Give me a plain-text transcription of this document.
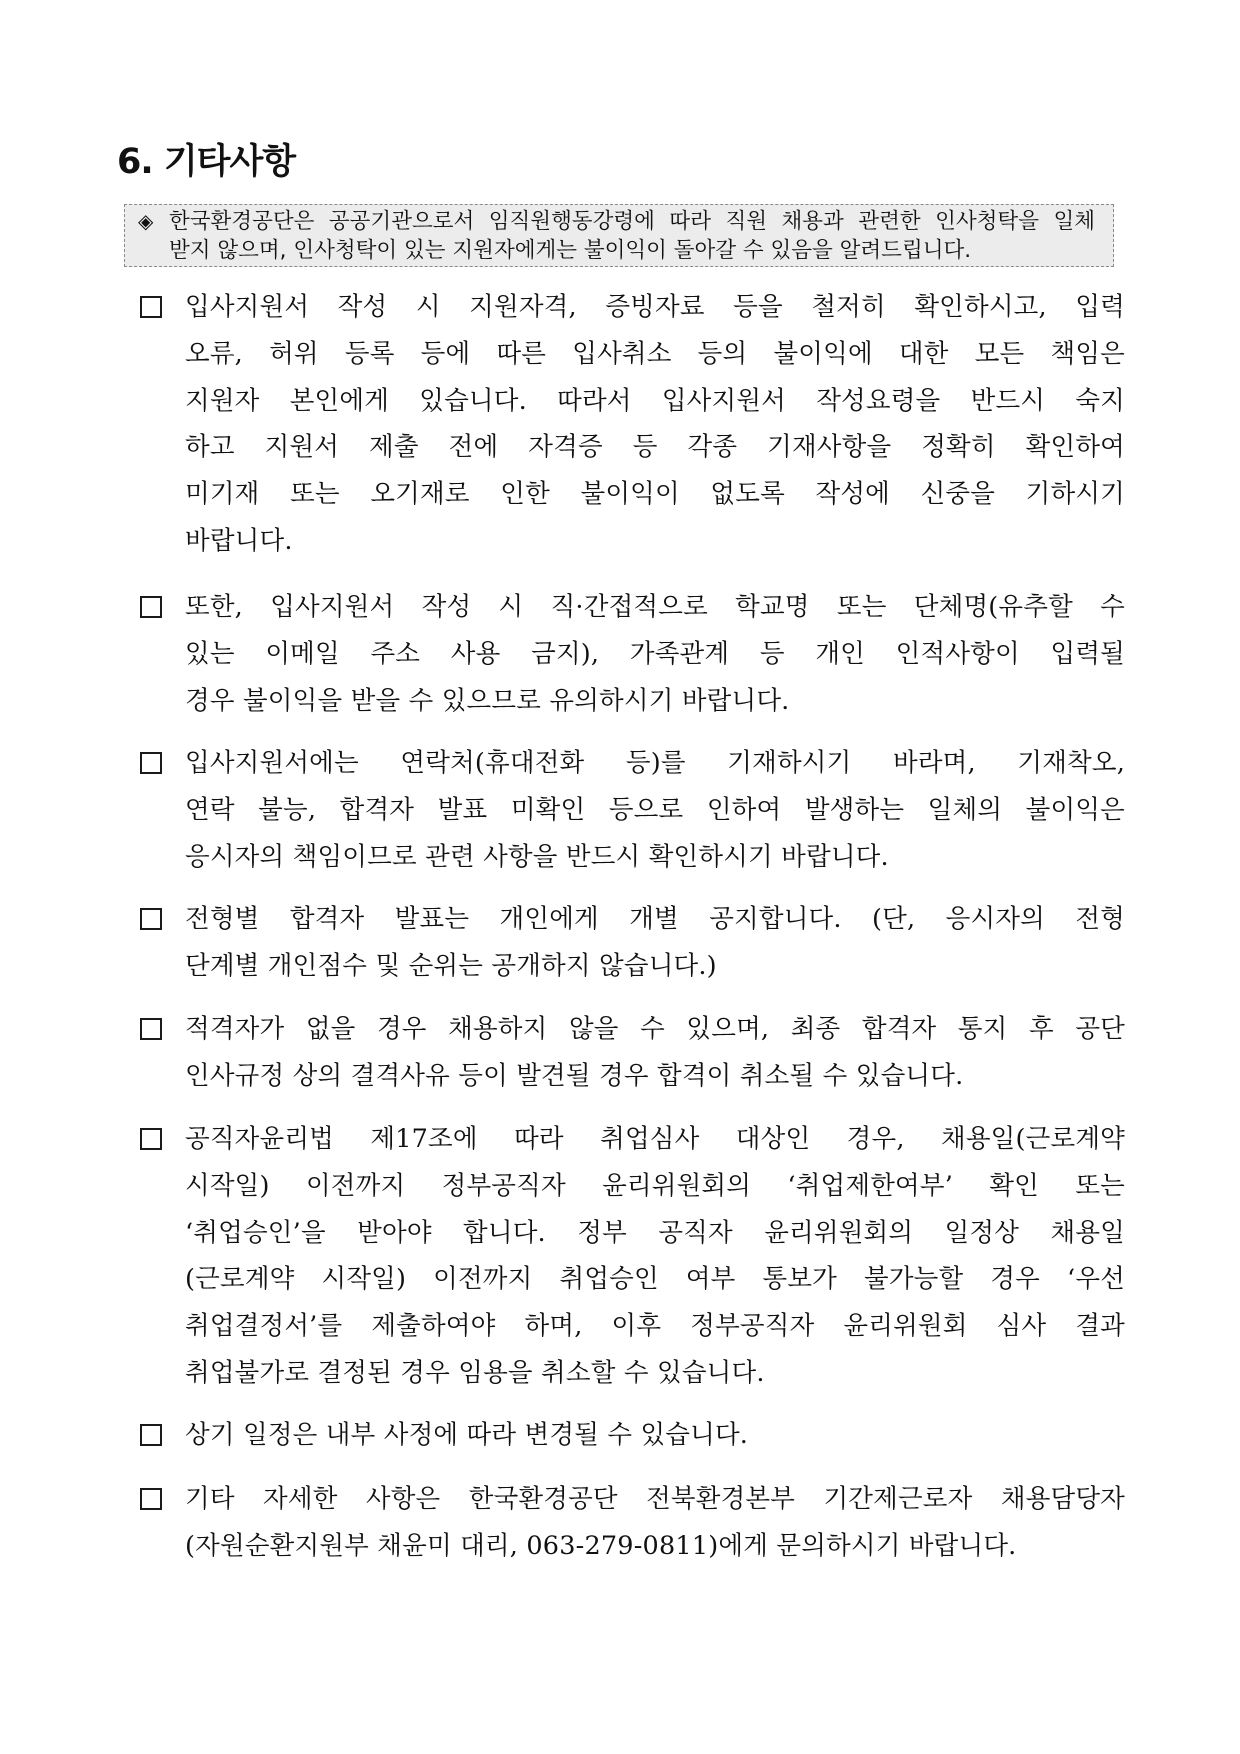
6. 기타사항
◈ 한국환경공단은 공공기관으로서 임직원행동강령에 따라 직원 채용과 관련한 인사청탁을 일체
받지 않으며, 인사청탁이 있는 지원자에게는 불이익이 돌아갈 수 있음을 알려드립니다.
입사지원서 작성 시 지원자격, 증빙자료 등을 철저히 확인하시고, 입력
오류, 허위 등록 등에 따른 입사취소 등의 불이익에 대한 모든 책임은
지원자 본인에게 있습니다. 따라서 입사지원서 작성요령을 반드시 숙지
하고 지원서 제출 전에 자격증 등 각종 기재사항을 정확히 확인하여
미기재 또는 오기재로 인한 불이익이 없도록 작성에 신중을 기하시기
바랍니다.
또한, 입사지원서 작성 시 직·간접적으로 학교명 또는 단체명(유추할 수
있는 이메일 주소 사용 금지), 가족관계 등 개인 인적사항이 입력될
경우 불이익을 받을 수 있으므로 유의하시기 바랍니다.
입사지원서에는 연락처(휴대전화 등)를 기재하시기 바라며, 기재착오,
연락 불능, 합격자 발표 미확인 등으로 인하여 발생하는 일체의 불이익은
응시자의 책임이므로 관련 사항을 반드시 확인하시기 바랍니다.
전형별 합격자 발표는 개인에게 개별 공지합니다. (단, 응시자의 전형
단계별 개인점수 및 순위는 공개하지 않습니다.)
적격자가 없을 경우 채용하지 않을 수 있으며, 최종 합격자 통지 후 공단
인사규정 상의 결격사유 등이 발견될 경우 합격이 취소될 수 있습니다.
공직자윤리법 제17조에 따라 취업심사 대상인 경우, 채용일(근로계약
시작일) 이전까지 정부공직자 윤리위원회의 ‘취업제한여부’ 확인 또는
‘취업승인’을 받아야 합니다. 정부 공직자 윤리위원회의 일정상 채용일
(근로계약 시작일) 이전까지 취업승인 여부 통보가 불가능할 경우 ‘우선
취업결정서’를 제출하여야 하며, 이후 정부공직자 윤리위원회 심사 결과
취업불가로 결정된 경우 임용을 취소할 수 있습니다.
상기 일정은 내부 사정에 따라 변경될 수 있습니다.
기타 자세한 사항은 한국환경공단 전북환경본부 기간제근로자 채용담당자
(자원순환지원부 채윤미 대리, 063-279-0811)에게 문의하시기 바랍니다.
